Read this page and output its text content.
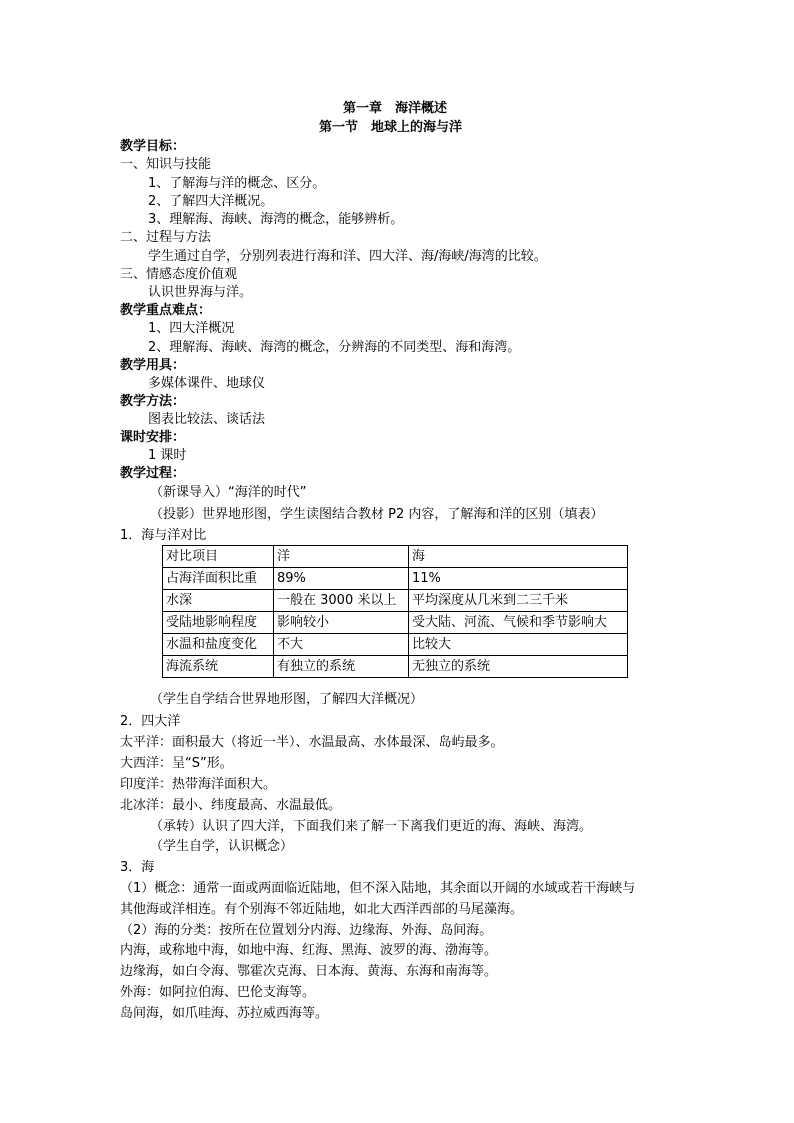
第一章　海洋概述
第一节　地球上的海与洋
教学目标：
一、知识与技能
1、了解海与洋的概念、区分。
2、了解四大洋概况。
3、理解海、海峡、海湾的概念，能够辨析。
二、过程与方法
学生通过自学，分别列表进行海和洋、四大洋、海/海峡/海湾的比较。
三、情感态度价值观
认识世界海与洋。
教学重点难点：
1、四大洋概况
2、理解海、海峡、海湾的概念，分辨海的不同类型、海和海湾。
教学用具：
多媒体课件、地球仪
教学方法：
图表比较法、谈话法
课时安排：
1 课时
教学过程：
（新课导入）“海洋的时代”
（投影）世界地形图，学生读图结合教材 P2 内容，了解海和洋的区别（填表）
1．海与洋对比
对比项目	洋	海
占海洋面积比重	89%	11%
水深	一般在 3000 米以上	平均深度从几米到二三千米
受陆地影响程度	影响较小	受大陆、河流、气候和季节影响大
水温和盐度变化	不大	比较大
海流系统	有独立的系统	无独立的系统
（学生自学结合世界地形图，了解四大洋概况）
2．四大洋
太平洋：面积最大（将近一半）、水温最高、水体最深、岛屿最多。
大西洋：呈“S”形。
印度洋：热带海洋面积大。
北冰洋：最小、纬度最高、水温最低。
（承转）认识了四大洋，下面我们来了解一下离我们更近的海、海峡、海湾。
（学生自学，认识概念）
3．海
（1）概念：通常一面或两面临近陆地，但不深入陆地，其余面以开阔的水域或若干海峡与
其他海或洋相连。有个别海不邻近陆地，如北大西洋西部的马尾藻海。
（2）海的分类：按所在位置划分内海、边缘海、外海、岛间海。
内海，或称地中海，如地中海、红海、黑海、波罗的海、渤海等。
边缘海，如白令海、鄂霍次克海、日本海、黄海、东海和南海等。
外海：如阿拉伯海、巴伦支海等。
岛间海，如爪哇海、苏拉威西海等。
